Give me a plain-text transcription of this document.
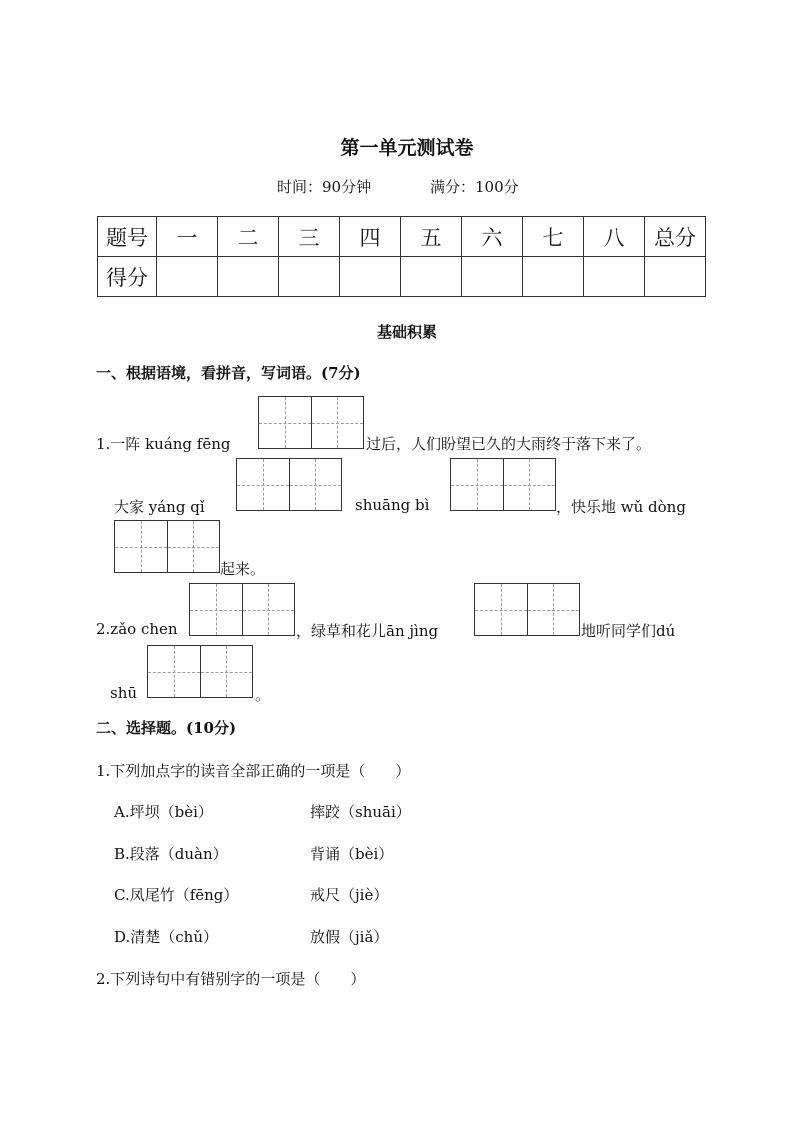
第一单元测试卷
时间：90分钟	满分：100分
题号	一	二	三	四	五	六	七	八	总分
得分									
基础积累
一、根据语境，看拼音，写词语。(7分)
1.一阵 kuáng fēng	过后，人们盼望已久的大雨终于落下来了。
大家 yáng qǐ	shuāng bì	，快乐地 wǔ dòng
起来。
2.zǎo chen	，绿草和花儿ān jìng	地听同学们dú
shū	。
二、选择题。(10分)
1.下列加点字的读音全部正确的一项是（　　）
A.坪坝（bèi）	摔跤（shuāi）
B.段落（duàn）	背诵（bèi）
C.凤尾竹（fēng）	戒尺（jiè）
D.清楚（chǔ）	放假（jiǎ）
2.下列诗句中有错别字的一项是（　　）
